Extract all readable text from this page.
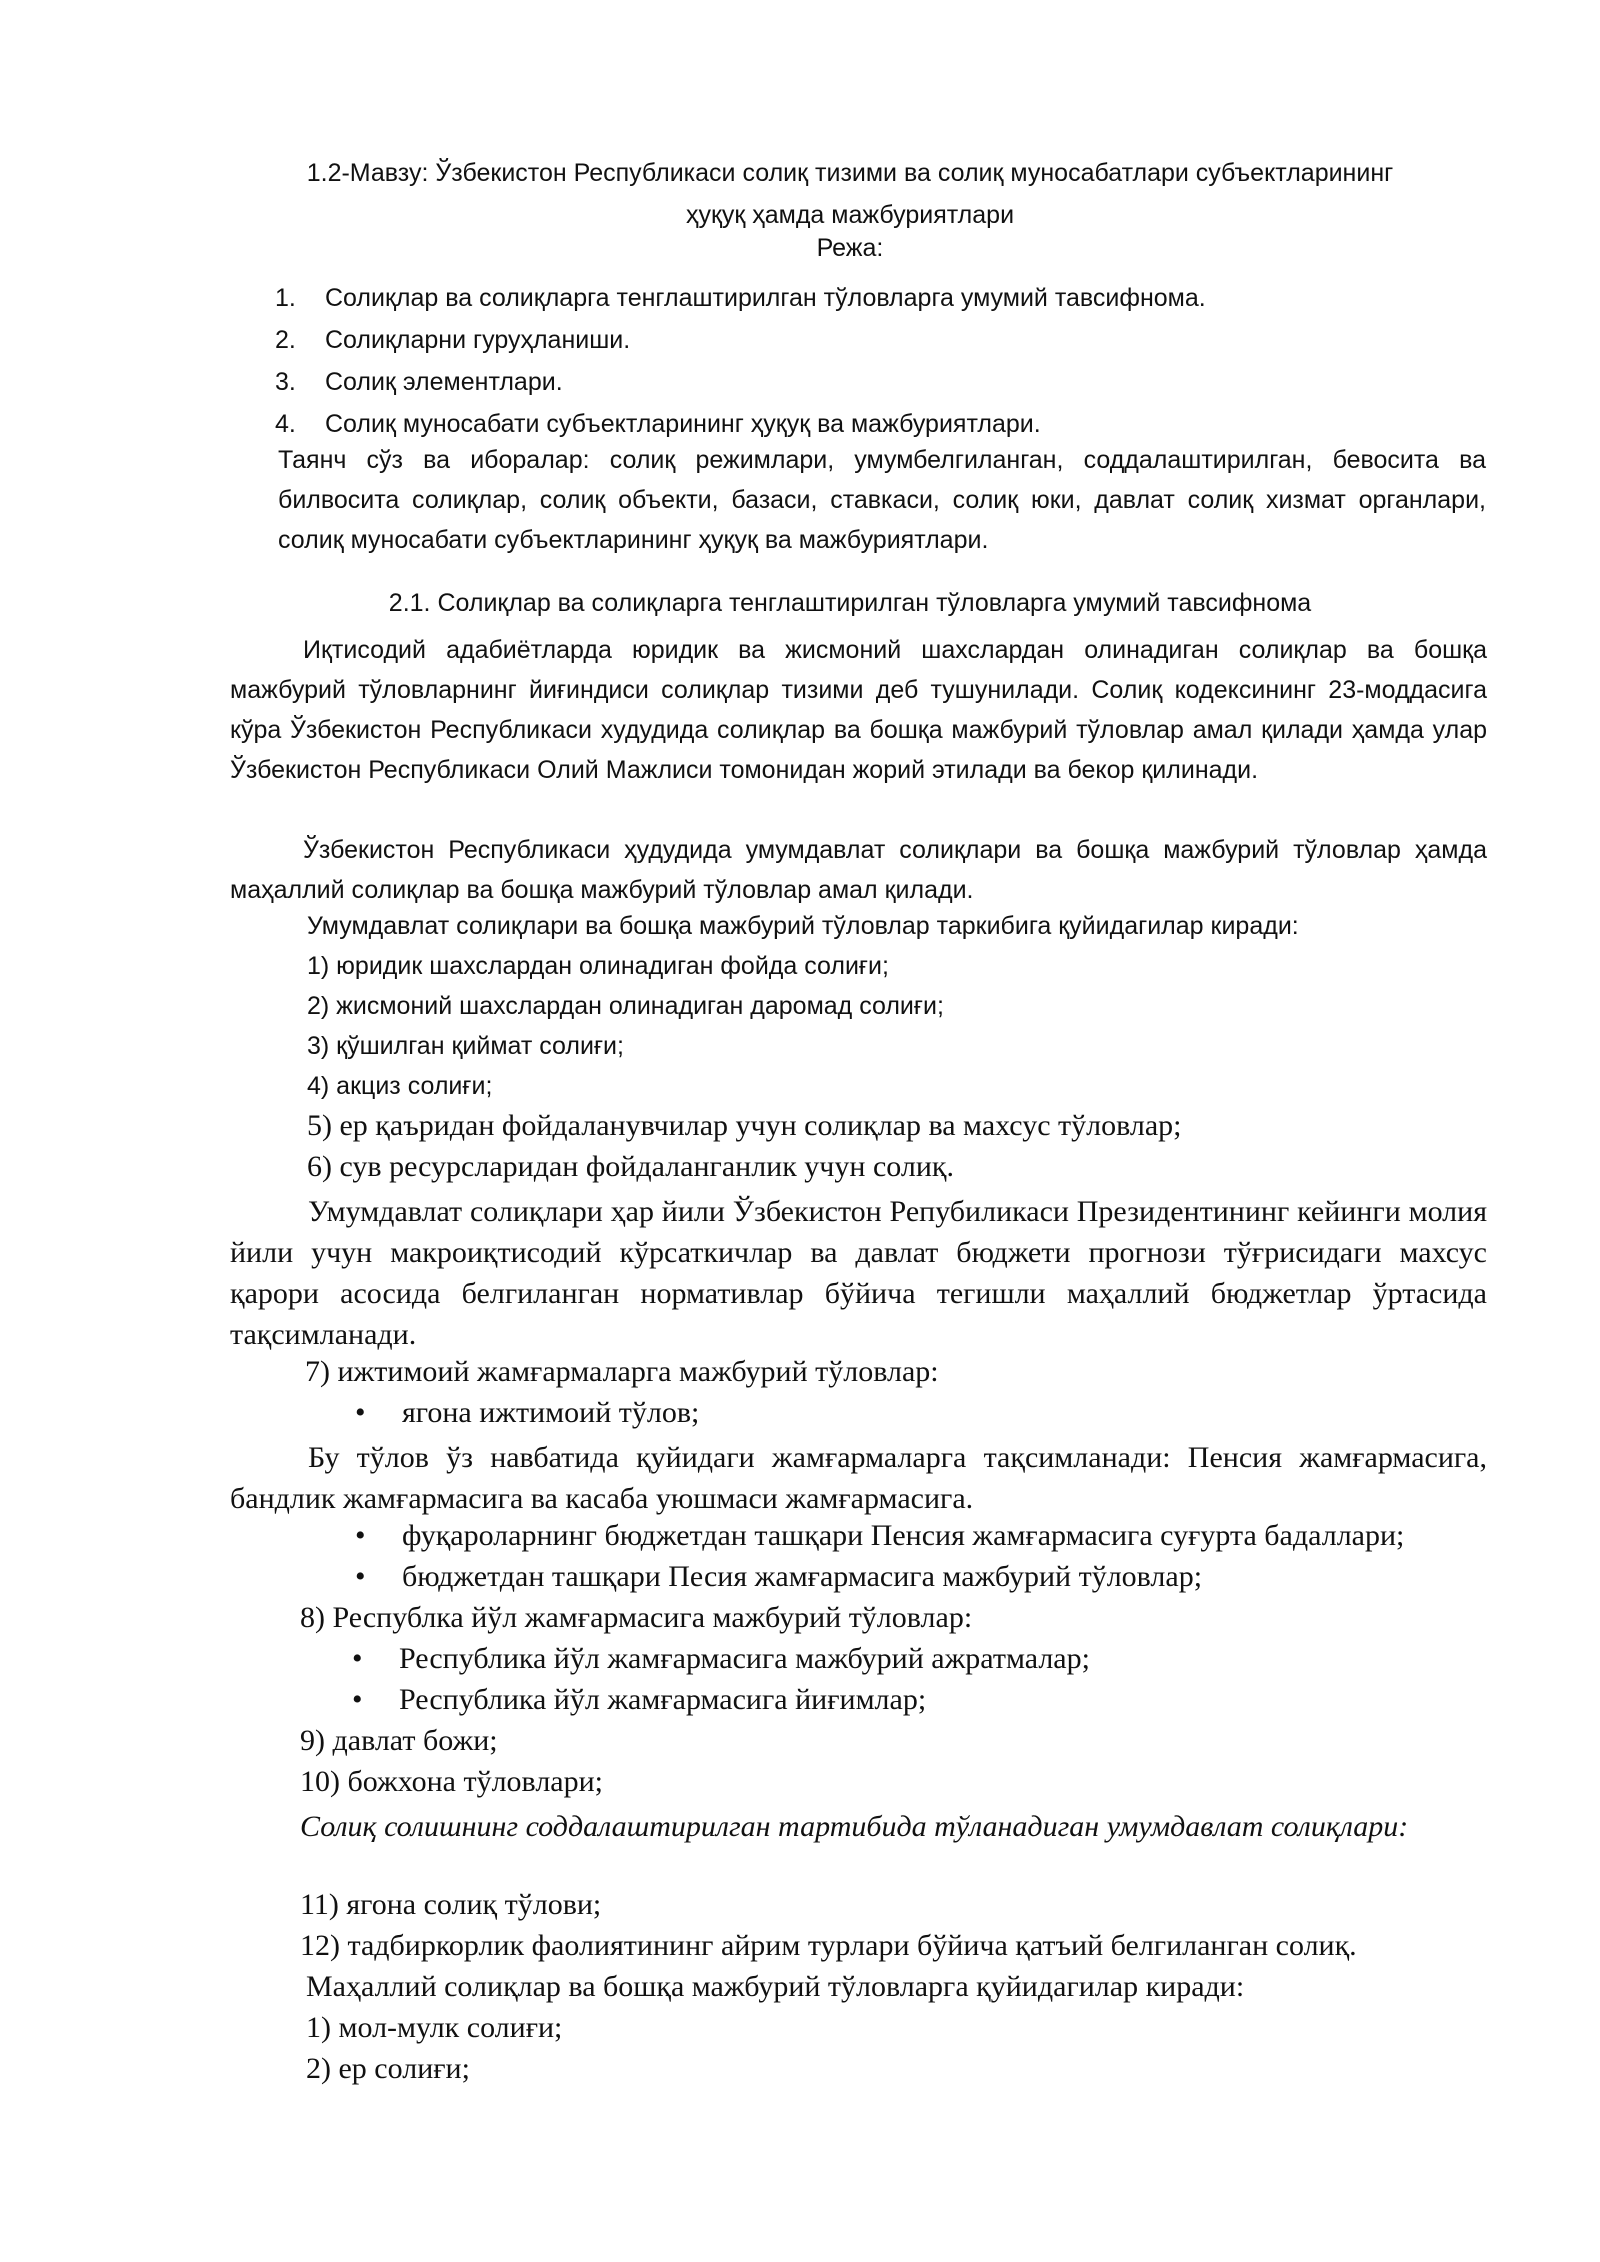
1.2-Мавзу: Ўзбекистон Республикаси солиқ тизими ва солиқ муносабатлари субъектларининг
ҳуқуқ ҳамда мажбуриятлари
Режа:
1. Солиқлар ва солиқларга тенглаштирилган тўловларга умумий тавсифнома.
2. Солиқларни гуруҳланиши.
3. Солиқ элементлари.
4. Солиқ муносабати субъектларининг ҳуқуқ ва мажбуриятлари.
Таянч сўз ва иборалар: солиқ режимлари, умумбелгиланган, соддалаштирилган, бевосита ва билвосита солиқлар, солиқ объекти, базаси, ставкаси, солиқ юки, давлат солиқ хизмат органлари, солиқ муносабати субъектларининг ҳуқуқ ва мажбуриятлари.
2.1. Солиқлар ва солиқларга тенглаштирилган тўловларга умумий тавсифнома
Иқтисодий адабиётларда юридик ва жисмоний шахслардан олинадиган солиқлар ва бошқа мажбурий тўловларнинг йиғиндиси солиқлар тизими деб тушунилади. Солиқ кодексининг 23-моддасига кўра Ўзбекистон Республикаси худудида солиқлар ва бошқа мажбурий тўловлар амал қилади ҳамда улар Ўзбекистон Республикаси Олий Мажлиси томонидан жорий этилади ва бекор қилинади.
Ўзбекистон Республикаси ҳудудида умумдавлат солиқлари ва бошқа мажбурий тўловлар ҳамда маҳаллий солиқлар ва бошқа мажбурий тўловлар амал қилади.
Умумдавлат солиқлари ва бошқа мажбурий тўловлар таркибига қуйидагилар киради:
1) юридик шахслардан олинадиган фойда солиғи;
2) жисмоний шахслардан олинадиган даромад солиғи;
3) қўшилган қиймат солиғи;
4) акциз солиғи;
5) ер қаъридан фойдаланувчилар учун солиқлар ва махсус тўловлар;
6) сув ресурсларидан фойдаланганлик учун солиқ.
Умумдавлат солиқлари ҳар йили Ўзбекистон Репубиликаси Президентининг кейинги молия йили учун макроиқтисодий кўрсаткичлар ва давлат бюджети прогнози тўғрисидаги махсус қарори асосида белгиланган нормативлар бўйича тегишли маҳаллий бюджетлар ўртасида тақсимланади.
7) ижтимоий жамғармаларга мажбурий тўловлар:
• ягона ижтимоий тўлов;
Бу тўлов ўз навбатида қуйидаги жамғармаларга тақсимланади: Пенсия жамғармасига, бандлик жамғармасига ва касаба уюшмаси жамғармасига.
• фуқароларнинг бюджетдан ташқари Пенсия жамғармасига суғурта бадаллари;
• бюджетдан ташқари Песия жамғармасига мажбурий тўловлар;
8) Республка йўл жамғармасига мажбурий тўловлар:
• Республика йўл жамғармасига мажбурий ажратмалар;
• Республика йўл жамғармасига йиғимлар;
9) давлат божи;
10) божхона тўловлари;
Солиқ солишнинг соддалаштирилган тартибида тўланадиган умумдавлат солиқлари:
11) ягона солиқ тўлови;
12) тадбиркорлик фаолиятининг айрим турлари бўйича қатъий белгиланган солиқ.
Маҳаллий солиқлар ва бошқа мажбурий тўловларга қуйидагилар киради:
1) мол-мулк солиғи;
2) ер солиғи;
